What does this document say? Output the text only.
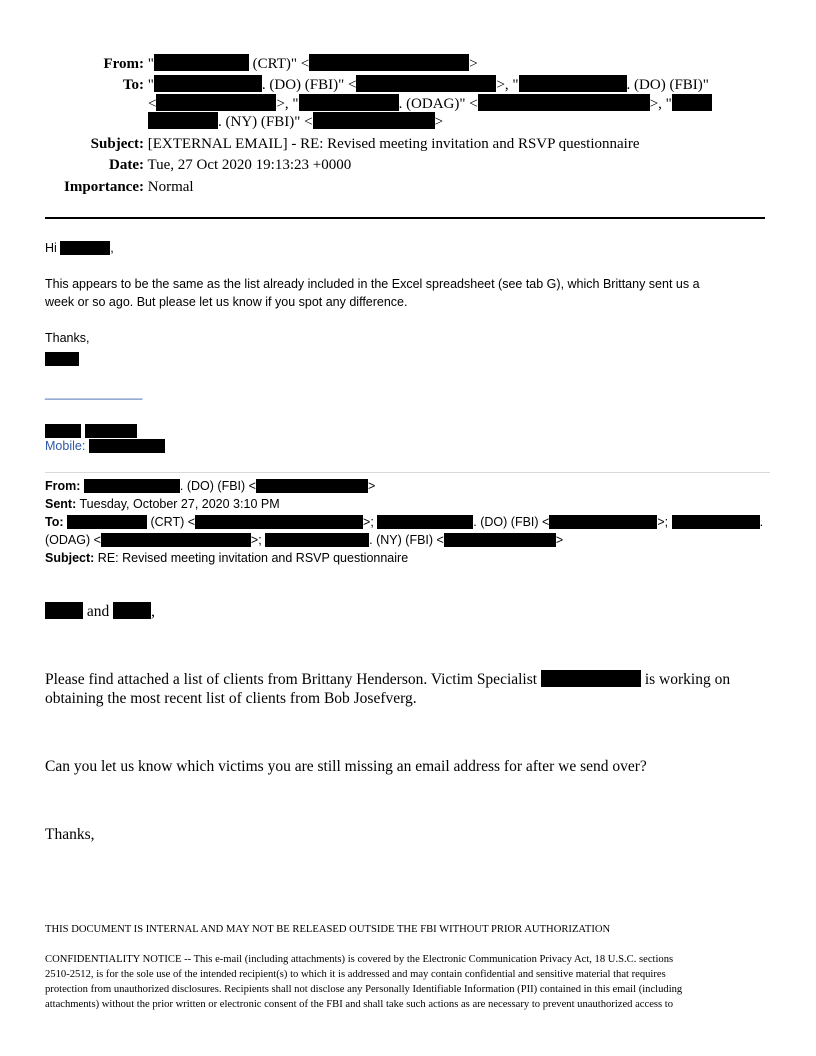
From: "	(CRT)" <	>
To: "	. (DO) (FBI)" <	>, "	. (DO) (FBI)"
<	>, "	. (ODAG)" <	>, "
. (NY) (FBI)" <	>
Subject: [EXTERNAL EMAIL] - RE: Revised meeting invitation and RSVP questionnaire
Date: Tue, 27 Oct 2020 19:13:23 +0000
Importance: Normal
Hi	,
This appears to be the same as the list already included in the Excel spreadsheet (see tab G), which Brittany sent us a
week or so ago. But please let us know if you spot any difference.
Thanks,
______________

Mobile:
From:	. (DO) (FBI) <	>
Sent: Tuesday, October 27, 2020 3:10 PM
To:	(CRT) <	>;	. (DO) (FBI) <	>;	.
(ODAG) <	>;	. (NY) (FBI) <	>
Subject: RE: Revised meeting invitation and RSVP questionnaire
and ,
Please find attached a list of clients from Brittany Henderson. Victim Specialist	is working on
obtaining the most recent list of clients from Bob Josefverg.
Can you let us know which victims you are still missing an email address for after we send over?
Thanks,
THIS DOCUMENT IS INTERNAL AND MAY NOT BE RELEASED OUTSIDE THE FBI WITHOUT PRIOR AUTHORIZATION
CONFIDENTIALITY NOTICE -- This e-mail (including attachments) is covered by the Electronic Communication Privacy Act, 18 U.S.C. sections
2510-2512, is for the sole use of the intended recipient(s) to which it is addressed and may contain confidential and sensitive material that requires
protection from unauthorized disclosures. Recipients shall not disclose any Personally Identifiable Information (PII) contained in this email (including
attachments) without the prior written or electronic consent of the FBI and shall take such actions as are necessary to prevent unauthorized access to
